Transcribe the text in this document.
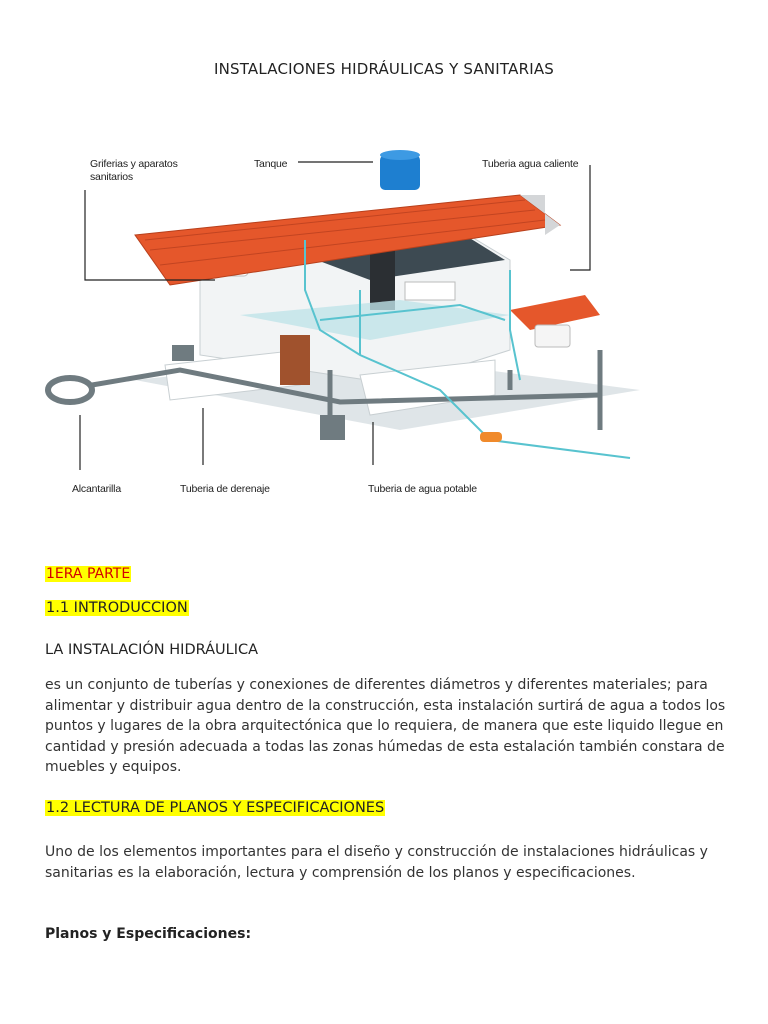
INSTALACIONES HIDRÁULICAS Y SANITARIAS
Griferias y aparatos
sanitarios
Tanque	Tuberia agua caliente
Alcantarilla	Tuberia de derenaje	Tuberia de agua potable
1ERA PARTE
1.1 INTRODUCCION
LA INSTALACIÓN HIDRÁULICA
es un conjunto de tuberías y conexiones de diferentes diámetros y diferentes materiales; para alimentar y distribuir agua dentro de la construcción, esta instalación surtirá de agua a todos los puntos y lugares de la obra arquitectónica que lo requiera, de manera que este liquido llegue en cantidad y presión adecuada a todas las zonas húmedas de esta estalación también constara de muebles y equipos.
1.2 LECTURA DE PLANOS Y ESPECIFICACIONES
Uno de los elementos importantes para el diseño y construcción de instalaciones hidráulicas y sanitarias es la elaboración, lectura y comprensión de los planos y especificaciones.
Planos y Especificaciones:
